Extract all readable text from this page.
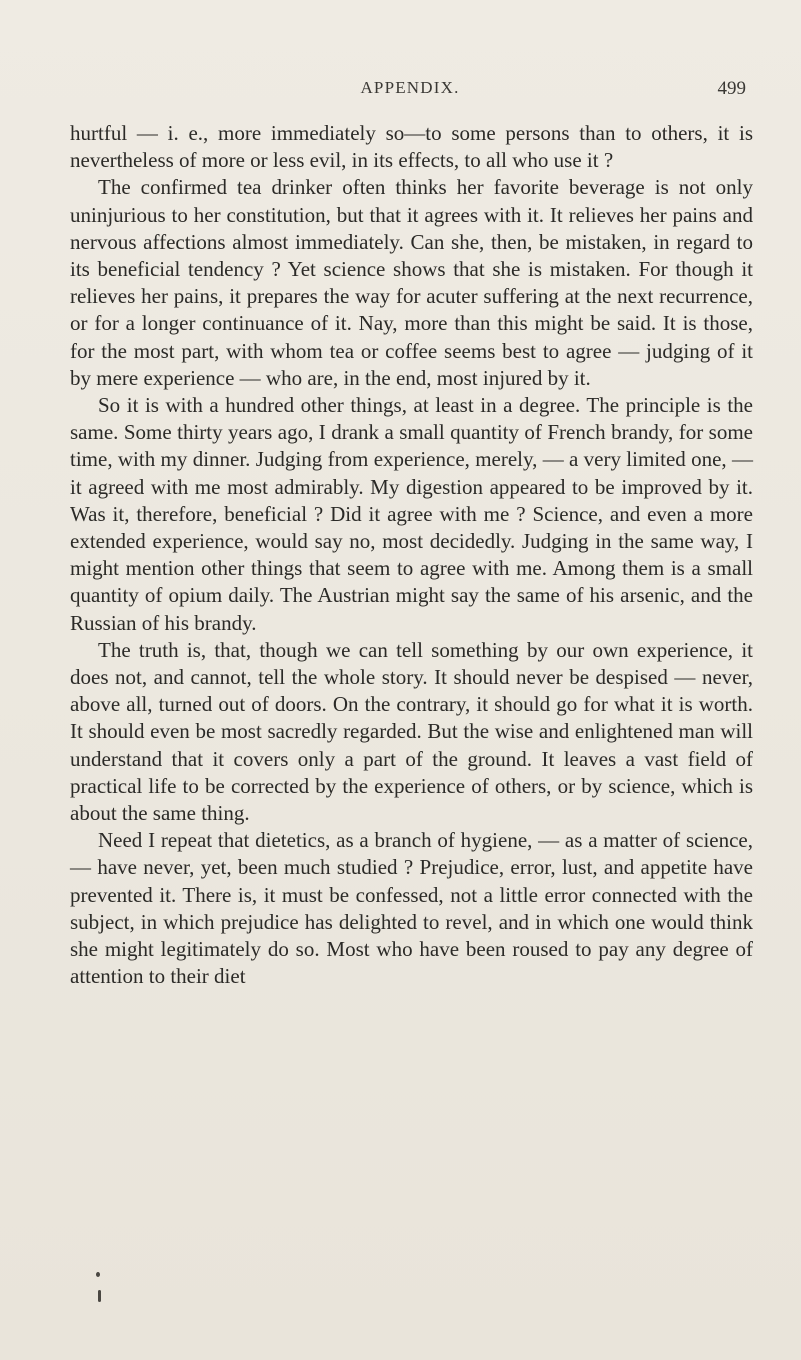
APPENDIX.	499

hurtful — i. e., more immediately so—to some persons than to others, it is nevertheless of more or less evil, in its effects, to all who use it ?

The confirmed tea drinker often thinks her favorite beverage is not only uninjurious to her constitution, but that it agrees with it. It relieves her pains and nervous affections almost immediately. Can she, then, be mistaken, in regard to its beneficial tendency ? Yet science shows that she is mistaken. For though it relieves her pains, it prepares the way for acuter suffering at the next recurrence, or for a longer continuance of it. Nay, more than this might be said. It is those, for the most part, with whom tea or coffee seems best to agree — judging of it by mere experience — who are, in the end, most injured by it.

So it is with a hundred other things, at least in a degree. The principle is the same. Some thirty years ago, I drank a small quantity of French brandy, for some time, with my dinner. Judging from experience, merely, — a very limited one, — it agreed with me most admirably. My digestion appeared to be improved by it. Was it, therefore, beneficial ? Did it agree with me ? Science, and even a more extended experience, would say no, most decidedly. Judging in the same way, I might mention other things that seem to agree with me. Among them is a small quantity of opium daily. The Austrian might say the same of his arsenic, and the Russian of his brandy.

The truth is, that, though we can tell something by our own experience, it does not, and cannot, tell the whole story. It should never be despised — never, above all, turned out of doors. On the contrary, it should go for what it is worth. It should even be most sacredly regarded. But the wise and enlightened man will understand that it covers only a part of the ground. It leaves a vast field of practical life to be corrected by the experience of others, or by science, which is about the same thing.

Need I repeat that dietetics, as a branch of hygiene, — as a matter of science, — have never, yet, been much studied ? Prejudice, error, lust, and appetite have prevented it. There is, it must be confessed, not a little error connected with the subject, in which prejudice has delighted to revel, and in which one would think she might legitimately do so. Most who have been roused to pay any degree of attention to their diet
